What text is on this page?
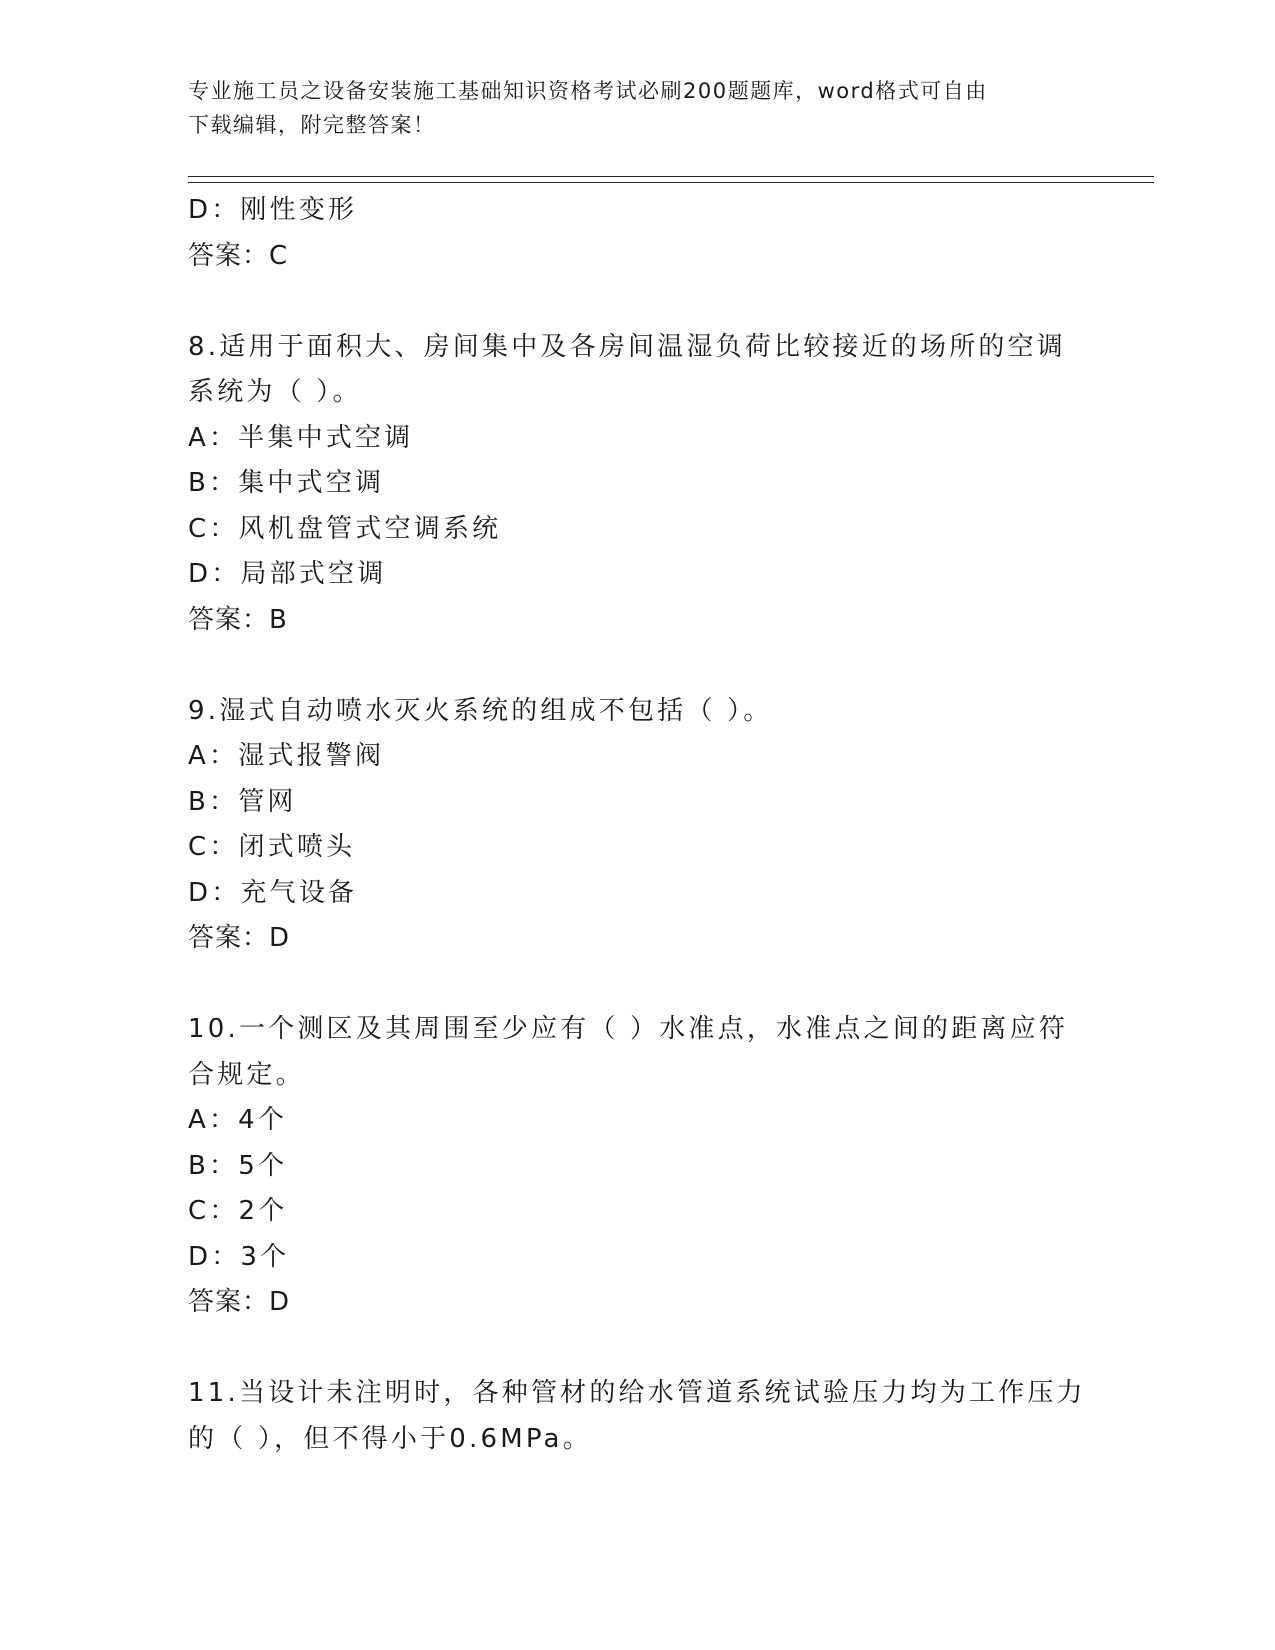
专业施工员之设备安装施工基础知识资格考试必刷200题题库，word格式可自由
下载编辑，附完整答案！
D：刚性变形
答案：C
8.适用于面积大、房间集中及各房间温湿负荷比较接近的场所的空调
系统为（ ）。
A：半集中式空调
B：集中式空调
C：风机盘管式空调系统
D：局部式空调
答案：B
9.湿式自动喷水灭火系统的组成不包括（ ）。
A：湿式报警阀
B：管网
C：闭式喷头
D：充气设备
答案：D
10.一个测区及其周围至少应有（ ）水准点，水准点之间的距离应符
合规定。
A：4个
B：5个
C：2个
D：3个
答案：D
11.当设计未注明时，各种管材的给水管道系统试验压力均为工作压力
的（ ），但不得小于0.6MPa。
